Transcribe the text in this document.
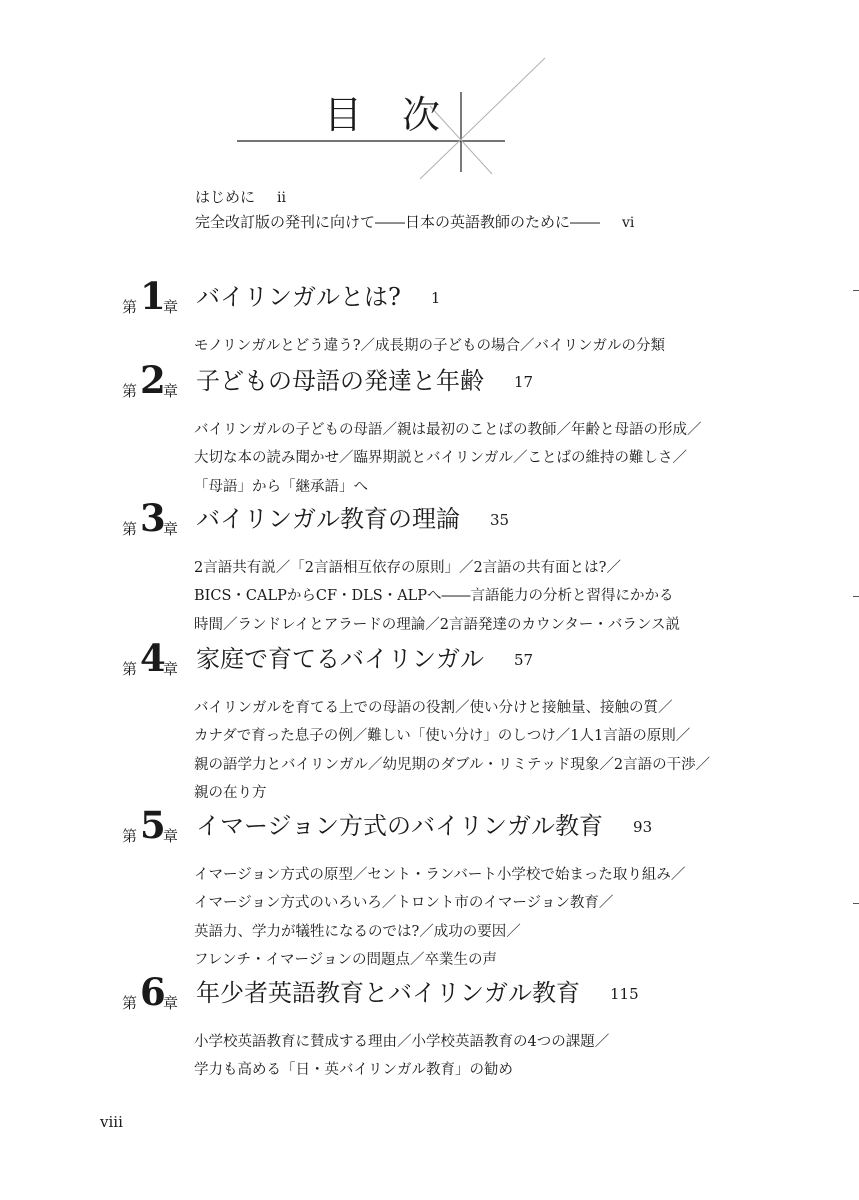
目次
はじめに ii
完全改訂版の発刊に向けて――日本の英語教師のために―― vi
第 1
章 バイリンガルとは? 1
モノリンガルとどう違う?／成長期の子どもの場合／バイリンガルの分類
第 2
章 子どもの母語の発達と年齢 17
バイリンガルの子どもの母語／親は最初のことばの教師／年齢と母語の形成／
大切な本の読み聞かせ／臨界期説とバイリンガル／ことばの維持の難しさ／
「母語」から「継承語」へ
第 3
章 バイリンガル教育の理論 35
2言語共有説／「2言語相互依存の原則」／2言語の共有面とは?／
BICS・CALPからCF・DLS・ALPへ――言語能力の分析と習得にかかる
時間／ランドレイとアラードの理論／2言語発達のカウンター・バランス説
第 4
章 家庭で育てるバイリンガル 57
バイリンガルを育てる上での母語の役割／使い分けと接触量、接触の質／
カナダで育った息子の例／難しい「使い分け」のしつけ／1人1言語の原則／
親の語学力とバイリンガル／幼児期のダブル・リミテッド現象／2言語の干渉／
親の在り方
第 5
章 イマージョン方式のバイリンガル教育 93
イマージョン方式の原型／セント・ランバート小学校で始まった取り組み／
イマージョン方式のいろいろ／トロント市のイマージョン教育／
英語力、学力が犠牲になるのでは?／成功の要因／
フレンチ・イマージョンの問題点／卒業生の声
第 6
章 年少者英語教育とバイリンガル教育 115
小学校英語教育に賛成する理由／小学校英語教育の4つの課題／
学力も高める「日・英バイリンガル教育」の勧め
viii
